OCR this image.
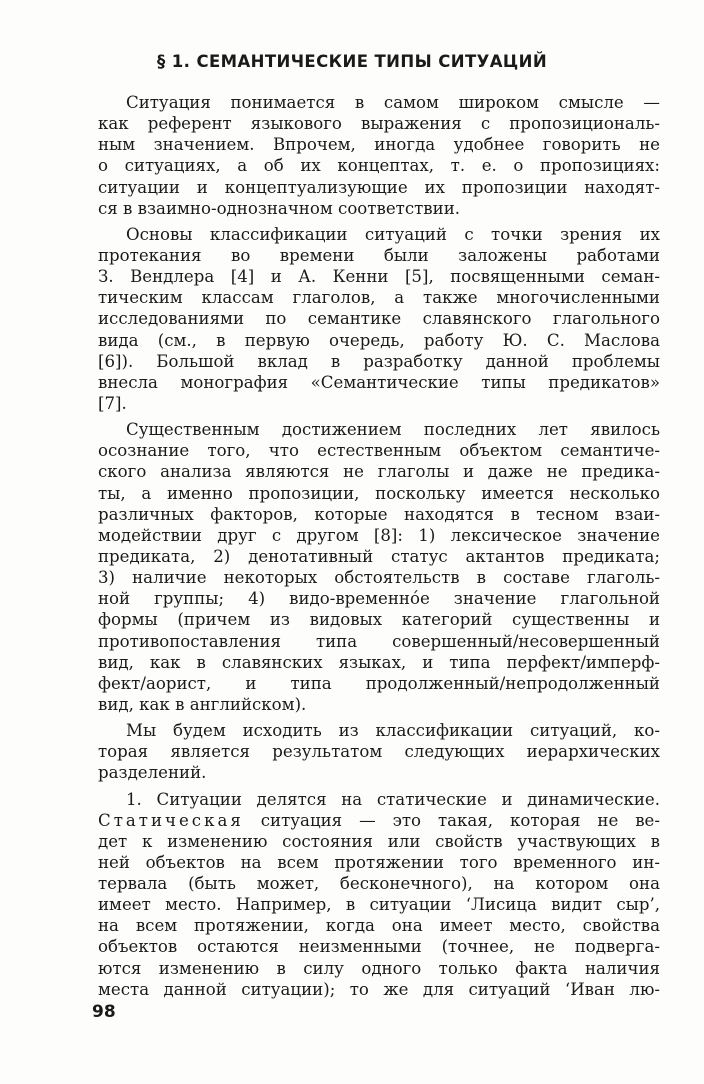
§ 1. СЕМАНТИЧЕСКИЕ ТИПЫ СИТУАЦИЙ
Ситуация понимается в самом широком смысле —
как референт языкового выражения с пропозициональ-
ным значением. Впрочем, иногда удобнее говорить не
о ситуациях, а об их концептах, т. е. о пропозициях:
ситуации и концептуализующие их пропозиции находят-
ся в взаимно-однозначном соответствии.
Основы классификации ситуаций с точки зрения их
протекания во времени были заложены работами
З. Вендлера [4] и А. Кенни [5], посвященными семан-
тическим классам глаголов, а также многочисленными
исследованиями по семантике славянского глагольного
вида (см., в первую очередь, работу Ю. С. Маслова
[6]). Большой вклад в разработку данной проблемы
внесла монография «Семантические типы предикатов»
[7].
Существенным достижением последних лет явилось
осознание того, что естественным объектом семантиче-
ского анализа являются не глаголы и даже не предика-
ты, а именно пропозиции, поскольку имеется несколько
различных факторов, которые находятся в тесном взаи-
модействии друг с другом [8]: 1) лексическое значение
предиката, 2) денотативный статус актантов предиката;
3) наличие некоторых обстоятельств в составе глаголь-
ной группы; 4) видо-временнóе значение глагольной
формы (причем из видовых категорий существенны и
противопоставления типа совершенный/несовершенный
вид, как в славянских языках, и типа перфект/имперф-
фект/аорист, и типа продолженный/непродолженный
вид, как в английском).
Мы будем исходить из классификации ситуаций, ко-
торая является результатом следующих иерархических
разделений.
1. Ситуации делятся на статические и динамические.
Статическая ситуация — это такая, которая не ве-
дет к изменению состояния или свойств участвующих в
ней объектов на всем протяжении того временного ин-
тервала (быть может, бесконечного), на котором она
имеет место. Например, в ситуации ‘Лисица видит сыр’,
на всем протяжении, когда она имеет место, свойства
объектов остаются неизменными (точнее, не подверга-
ются изменению в силу одного только факта наличия
места данной ситуации); то же для ситуаций ‘Иван лю-
98
